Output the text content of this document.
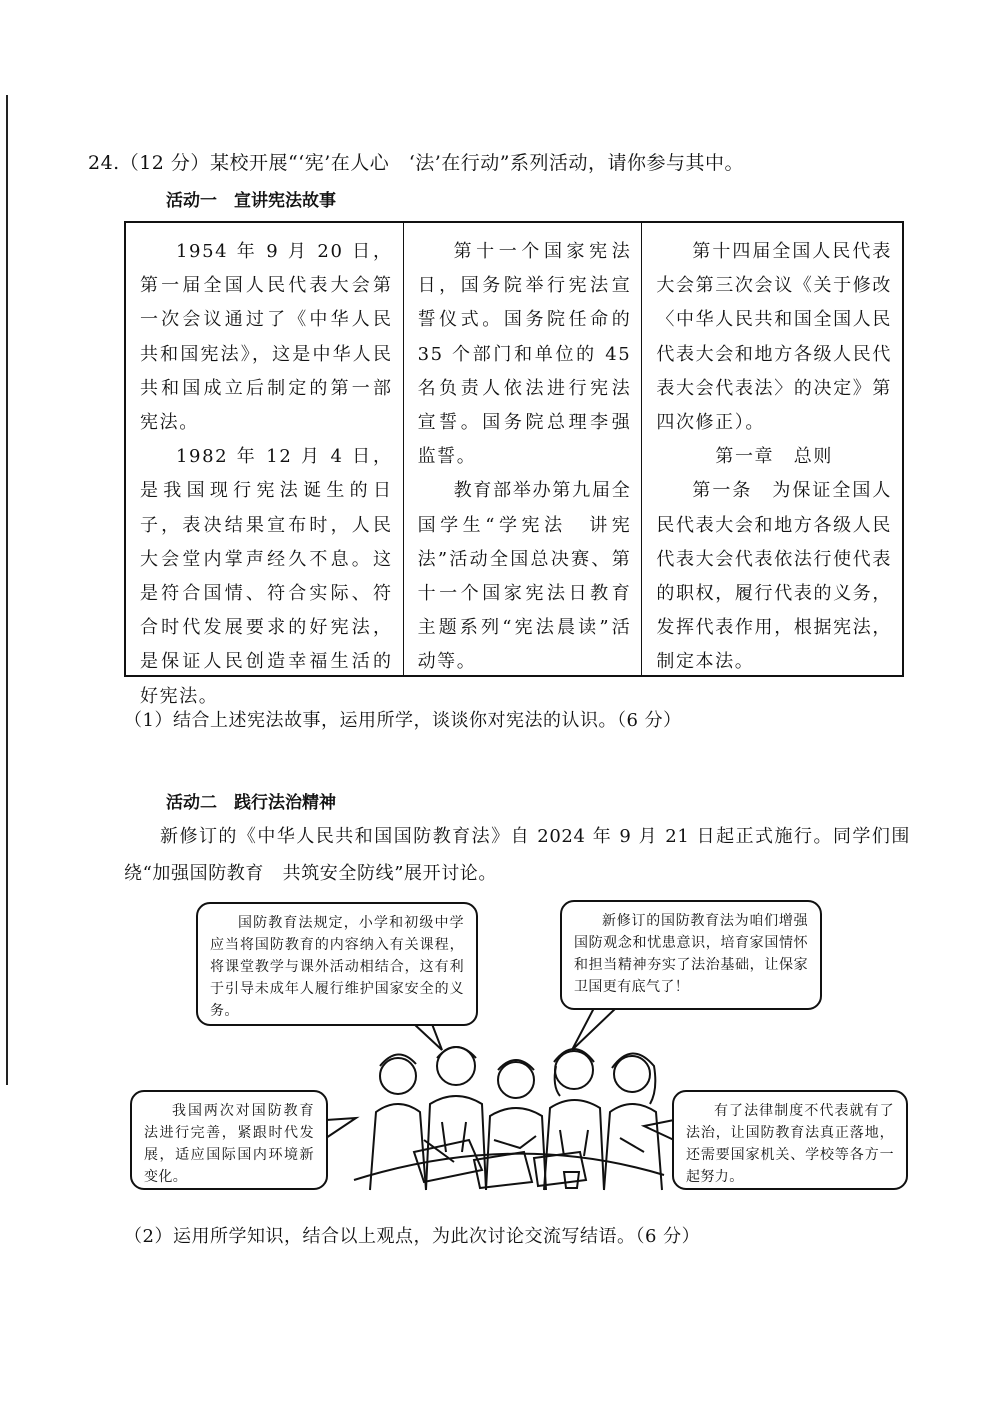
24.（12 分）某校开展“‘宪’在人心　‘法’在行动”系列活动，请你参与其中。
活动一　宣讲宪法故事

1954 年 9 月 20 日，第一届全国人民代表大会第一次会议通过了《中华人民共和国宪法》，这是中华人民共和国成立后制定的第一部宪法。

1982 年 12 月 4 日，是我国现行宪法诞生的日子，表决结果宣布时，人民大会堂内掌声经久不息。这是符合国情、符合实际、符合时代发展要求的好宪法，是保证人民创造幸福生活的好宪法。

第十一个国家宪法日，国务院举行宪法宣誓仪式。国务院任命的 35 个部门和单位的 45 名负责人依法进行宪法宣誓。国务院总理李强监誓。

教育部举办第九届全国学生“学宪法　讲宪法”活动全国总决赛、第十一个国家宪法日教育主题系列“宪法晨读”活动等。

第十四届全国人民代表大会第三次会议《关于修改〈中华人民共和国全国人民代表大会和地方各级人民代表大会代表法〉的决定》第四次修正）。

第一章　总则

第一条　为保证全国人民代表大会和地方各级人民代表大会代表依法行使代表的职权，履行代表的义务，发挥代表作用，根据宪法，制定本法。

（1）结合上述宪法故事，运用所学，谈谈你对宪法的认识。（6 分）
活动二　践行法治精神

新修订的《中华人民共和国国防教育法》自 2024 年 9 月 21 日起正式施行。同学们围绕“加强国防教育　共筑安全防线”展开讨论。

国防教育法规定，小学和初级中学应当将国防教育的内容纳入有关课程，将课堂教学与课外活动相结合，这有利于引导未成年人履行维护国家安全的义务。
新修订的国防教育法为咱们增强国防观念和忧患意识，培育家国情怀和担当精神夯实了法治基础，让保家卫国更有底气了！
我国两次对国防教育法进行完善，紧跟时代发展，适应国际国内环境新变化。
有了法律制度不代表就有了法治，让国防教育法真正落地，还需要国家机关、学校等各方一起努力。
（2）运用所学知识，结合以上观点，为此次讨论交流写结语。（6 分）
